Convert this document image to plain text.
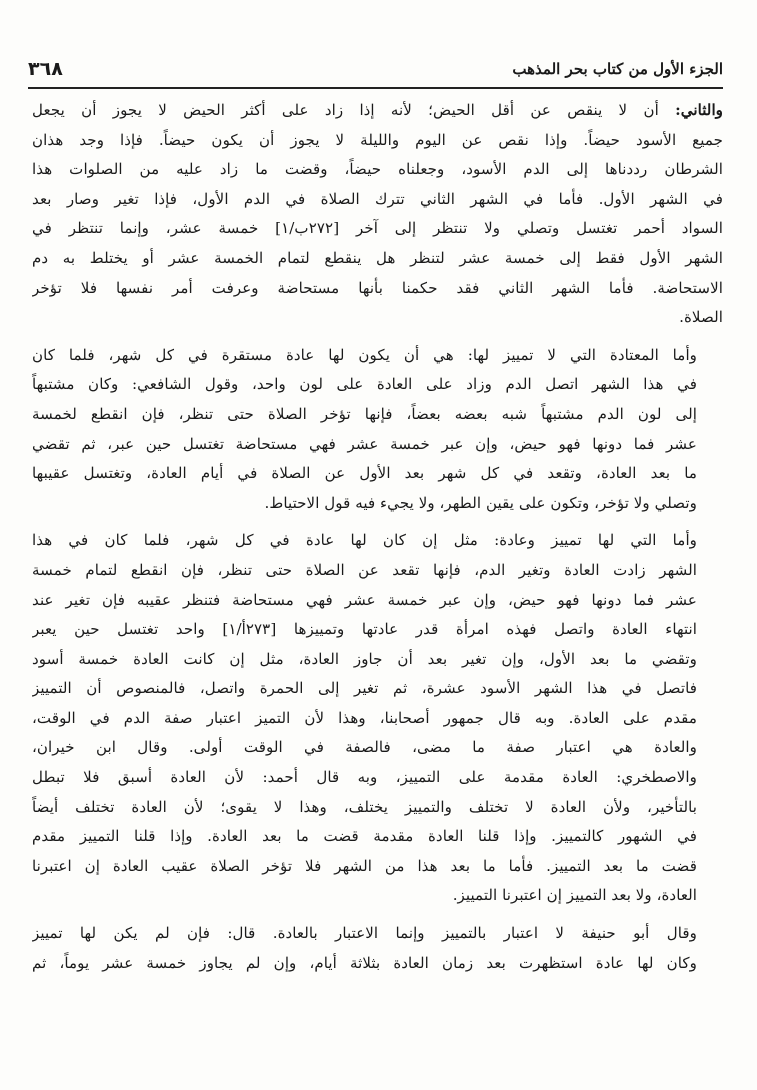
الجزء الأول من كتاب بحر المذهب
٣٦٨
والثاني: أن لا ينقص عن أقل الحيض؛ لأنه إذا زاد على أكثر الحيض لا يجوز أن يجعل
جميع الأسود حيضاً. وإذا نقص عن اليوم والليلة لا يجوز أن يكون حيضاً. فإذا وجد هذان
الشرطان رددناها إلى الدم الأسود، وجعلناه حيضاً، وقضت ما زاد عليه من الصلوات هذا
في الشهر الأول. فأما في الشهر الثاني تترك الصلاة في الدم الأول، فإذا تغير وصار بعد
السواد أحمر تغتسل وتصلي ولا تنتظر إلى آخر [٢٧٢ب/١] خمسة عشر، وإنما تنتظر في
الشهر الأول فقط إلى خمسة عشر لتنظر هل ينقطع لتمام الخمسة عشر أو يختلط به دم
الاستحاضة. فأما الشهر الثاني فقد حكمنا بأنها مستحاضة وعرفت أمر نفسها فلا تؤخر
الصلاة.
وأما المعتادة التي لا تمييز لها: هي أن يكون لها عادة مستقرة في كل شهر، فلما كان
في هذا الشهر اتصل الدم وزاد على العادة على لون واحد، وقول الشافعي: وكان مشتبهاً
إلى لون الدم مشتبهاً شبه بعضه بعضاً، فإنها تؤخر الصلاة حتى تنظر، فإن انقطع لخمسة
عشر فما دونها فهو حيض، وإن عبر خمسة عشر فهي مستحاضة تغتسل حين عبر، ثم تقضي
ما بعد العادة، وتقعد في كل شهر بعد الأول عن الصلاة في أيام العادة، وتغتسل عقيبها
وتصلي ولا تؤخر، وتكون على يقين الطهر، ولا يجيء فيه قول الاحتياط.
وأما التي لها تمييز وعادة: مثل إن كان لها عادة في كل شهر، فلما كان في هذا
الشهر زادت العادة وتغير الدم، فإنها تقعد عن الصلاة حتى تنظر، فإن انقطع لتمام خمسة
عشر فما دونها فهو حيض، وإن عبر خمسة عشر فهي مستحاضة فتنظر عقيبه فإن تغير عند
انتهاء العادة واتصل فهذه امرأة قدر عادتها وتمييزها [٢٧٣أ/١] واحد تغتسل حين يعبر
وتقضي ما بعد الأول، وإن تغير بعد أن جاوز العادة، مثل إن كانت العادة خمسة أسود
فاتصل في هذا الشهر الأسود عشرة، ثم تغير إلى الحمرة واتصل، فالمنصوص أن التمييز
مقدم على العادة. وبه قال جمهور أصحابنا، وهذا لأن التميز اعتبار صفة الدم في الوقت،
والعادة هي اعتبار صفة ما مضى، فالصفة في الوقت أولى. وقال ابن خيران،
والاصطخري: العادة مقدمة على التمييز، وبه قال أحمد: لأن العادة أسبق فلا تبطل
بالتأخير، ولأن العادة لا تختلف والتمييز يختلف، وهذا لا يقوى؛ لأن العادة تختلف أيضاً
في الشهور كالتمييز. وإذا قلنا العادة مقدمة قضت ما بعد العادة. وإذا قلنا التمييز مقدم
قضت ما بعد التمييز. فأما ما بعد هذا من الشهر فلا تؤخر الصلاة عقيب العادة إن اعتبرنا
العادة، ولا بعد التمييز إن اعتبرنا التمييز.
وقال أبو حنيفة لا اعتبار بالتمييز وإنما الاعتبار بالعادة. قال: فإن لم يكن لها تمييز
وكان لها عادة استظهرت بعد زمان العادة بثلاثة أيام، وإن لم يجاوز خمسة عشر يوماً، ثم
